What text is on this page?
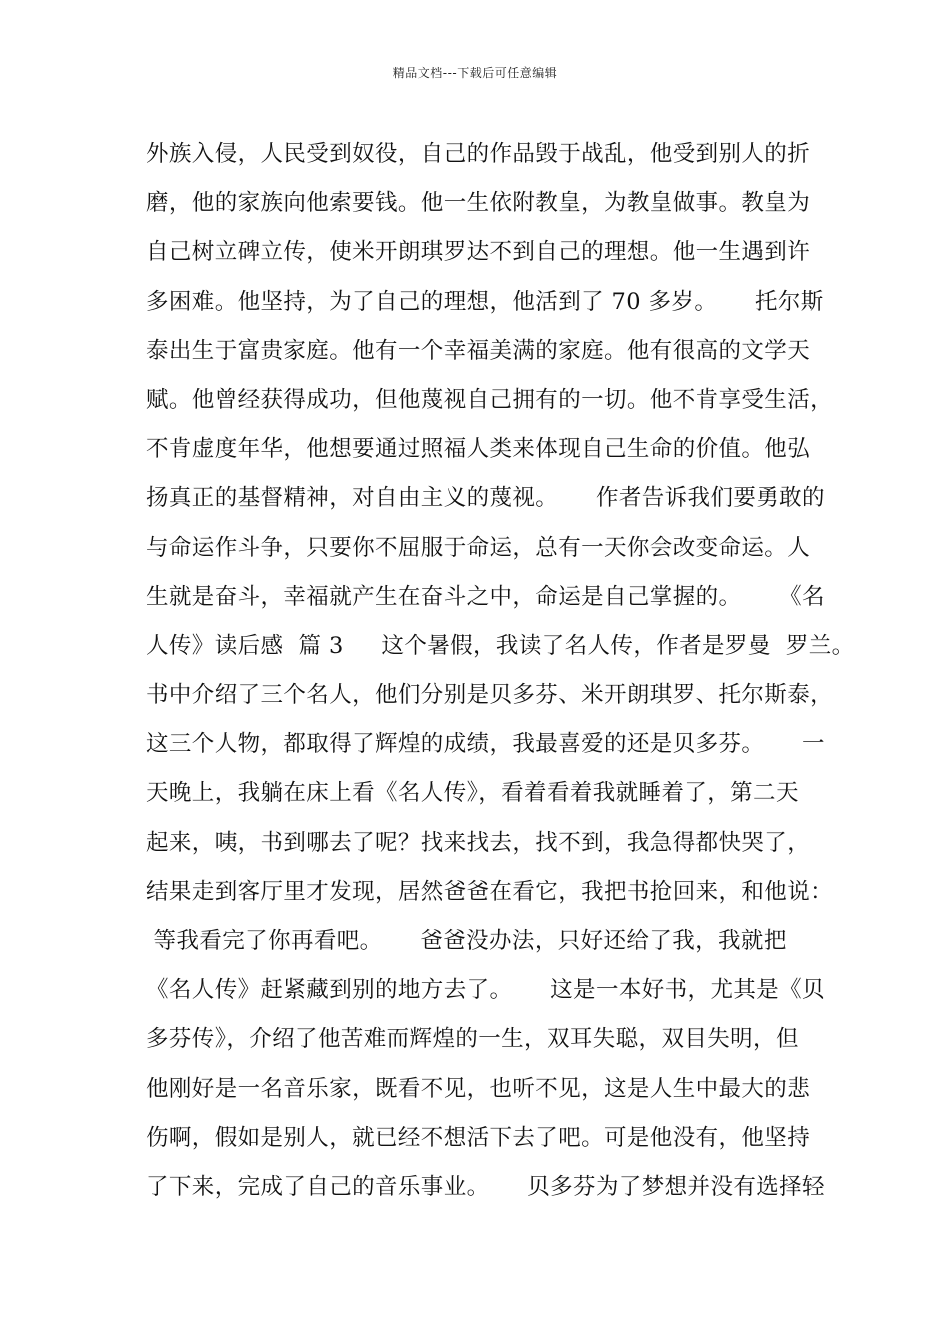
精品文档---下载后可任意编辑
外族入侵，人民受到奴役，自己的作品毁于战乱，他受到别人的折
磨，他的家族向他索要钱。他一生依附教皇，为教皇做事。教皇为
自己树立碑立传，使米开朗琪罗达不到自己的理想。他一生遇到许
多困难。他坚持，为了自己的理想，他活到了 70 多岁。     托尔斯
泰出生于富贵家庭。他有一个幸福美满的家庭。他有很高的文学天
赋。他曾经获得成功，但他蔑视自己拥有的一切。他不肯享受生活，
不肯虚度年华，他想要通过照福人类来体现自己生命的价值。他弘
扬真正的基督精神，对自由主义的蔑视。     作者告诉我们要勇敢的
与命运作斗争，只要你不屈服于命运，总有一天你会改变命运。人
生就是奋斗，幸福就产生在奋斗之中，命运是自己掌握的。     《名
人传》读后感  篇 3     这个暑假，我读了名人传，作者是罗曼  罗兰。
书中介绍了三个名人，他们分别是贝多芬、米开朗琪罗、托尔斯泰，
这三个人物，都取得了辉煌的成绩，我最喜爱的还是贝多芬。     一
天晚上，我躺在床上看《名人传》，看着看着我就睡着了，第二天
起来，咦，书到哪去了呢？找来找去，找不到，我急得都快哭了，
结果走到客厅里才发现，居然爸爸在看它，我把书抢回来，和他说：
等我看完了你再看吧。     爸爸没办法，只好还给了我，我就把
《名人传》赶紧藏到别的地方去了。     这是一本好书，尤其是《贝
多芬传》，介绍了他苦难而辉煌的一生，双耳失聪，双目失明，但
他刚好是一名音乐家，既看不见，也听不见，这是人生中最大的悲
伤啊，假如是别人，就已经不想活下去了吧。可是他没有，他坚持
了下来，完成了自己的音乐事业。     贝多芬为了梦想并没有选择轻
